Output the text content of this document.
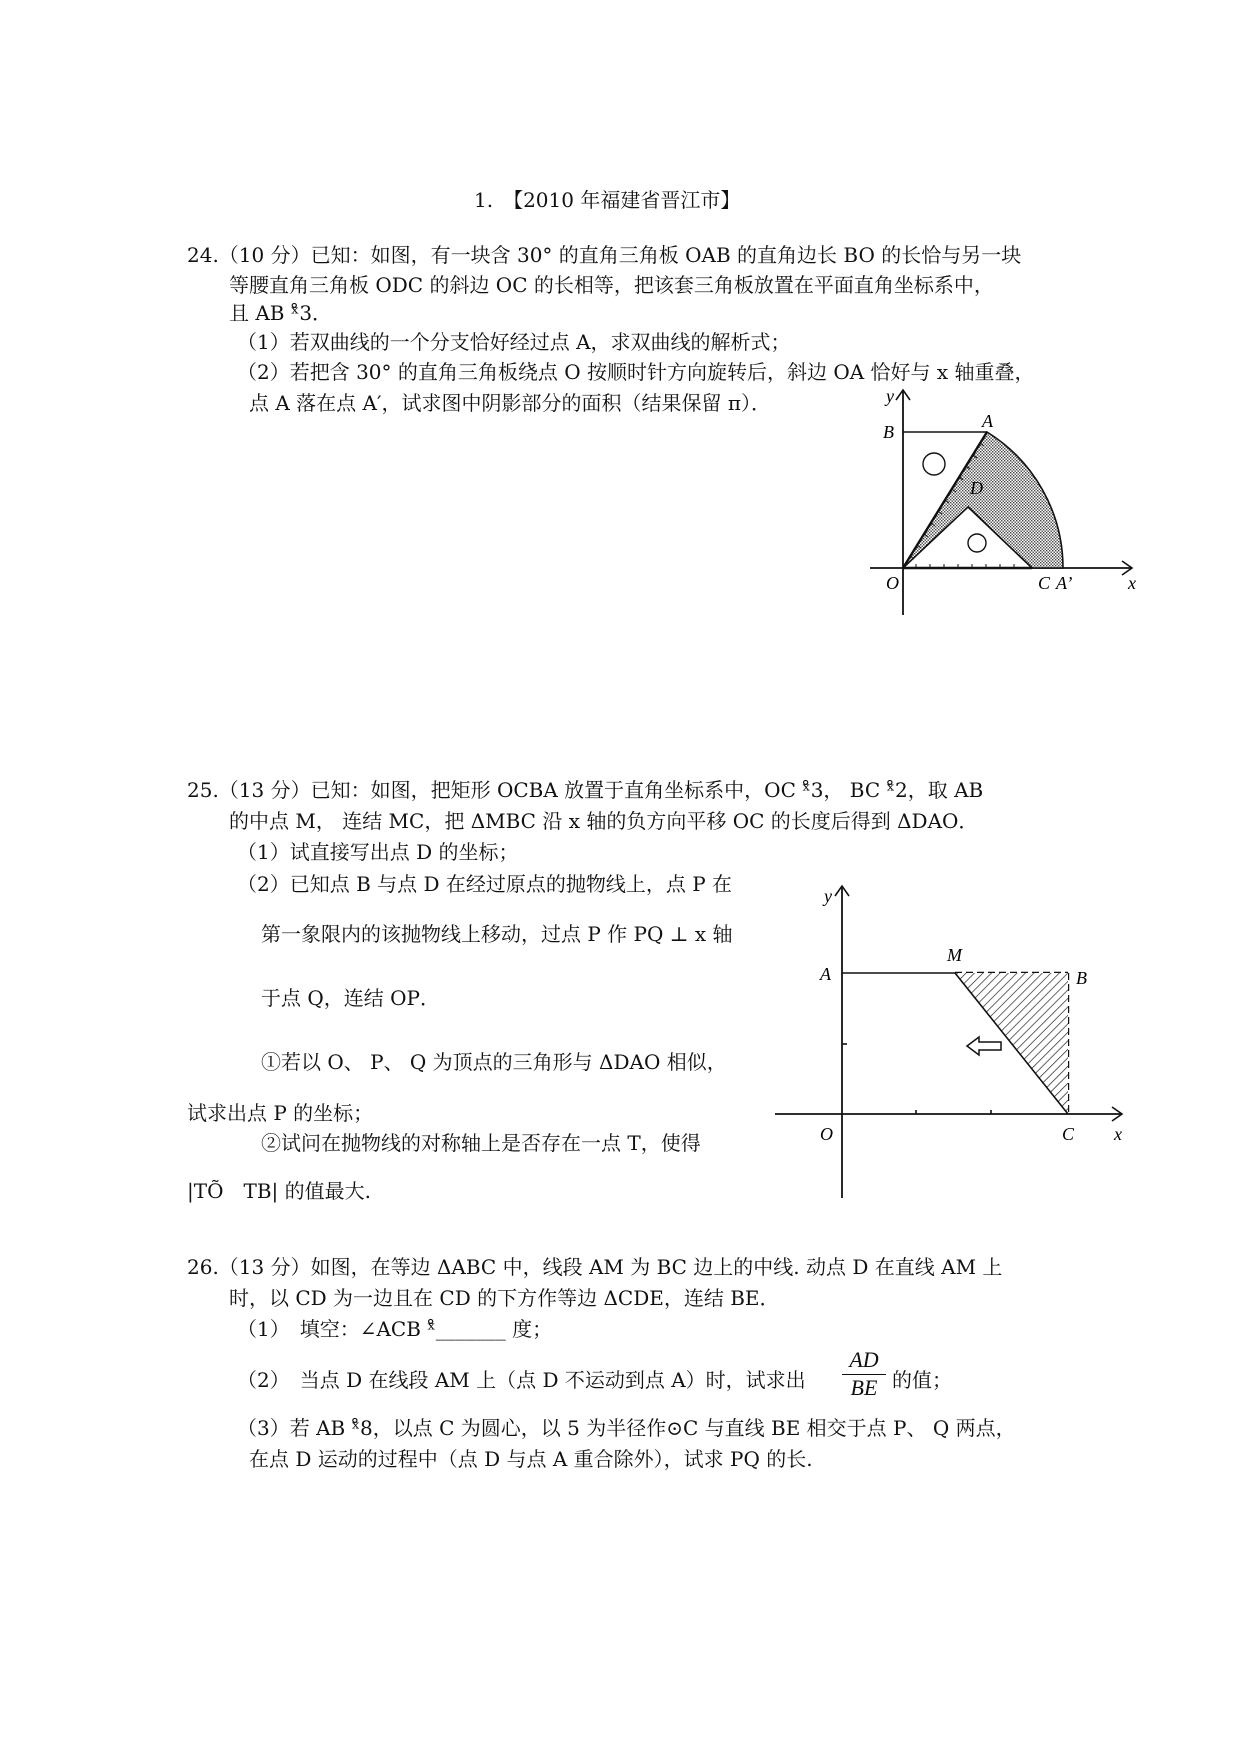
1.　【2010 年福建省晋江市】
24.（10 分）已知：如图，有一块含 30° 的直角三角板 OAB 的直角边长 BO 的长恰与另一块
等腰直角三角板 ODC 的斜边 OC 的长相等，把该套三角板放置在平面直角坐标系中，
且 AB ˣ̊3．
（1）若双曲线的一个分支恰好经过点 A，求双曲线的解析式；
（2）若把含 30° 的直角三角板绕点 O 按顺时针方向旋转后，斜边 OA 恰好与 x 轴重叠，
点 A 落在点 A′，试求图中阴影部分的面积（结果保留 π）．	y
B
A
D
O	C A’	x
25.（13 分）已知：如图，把矩形 OCBA 放置于直角坐标系中，OC ˣ̊3， BC ˣ̊2，取 AB
的中点 M， 连结 MC，把 ΔMBC 沿 x 轴的负方向平移 OC 的长度后得到 ΔDAO．
（1）试直接写出点 D 的坐标；
（2）已知点 B 与点 D 在经过原点的抛物线上，点 P 在
第一象限内的该抛物线上移动，过点 P 作 PQ ⊥ x 轴
于点 Q，连结 OP．
①若以 O、 P、 Q 为顶点的三角形与 ΔDAO 相似，
试求出点 P 的坐标；
②试问在抛物线的对称轴上是否存在一点 T，使得
|TÕ　TB| 的值最大.
y
A
M
B
O	C x
26.（13 分）如图，在等边 ΔABC 中，线段 AM 为 BC 边上的中线. 动点 D 在直线 AM 上
时，以 CD 为一边且在 CD 的下方作等边 ΔCDE，连结 BE．
（1）　填空：∠ACB ˣ̊_______ 度；
（2）　当点 D 在线段 AM 上（点 D 不运动到点 A）时，试求出
AD
BE 的值；
（3）若 AB ˣ̊8，以点 C 为圆心，以 5 为半径作⊙C 与直线 BE 相交于点 P、 Q 两点，
在点 D 运动的过程中（点 D 与点 A 重合除外），试求 PQ 的长.
